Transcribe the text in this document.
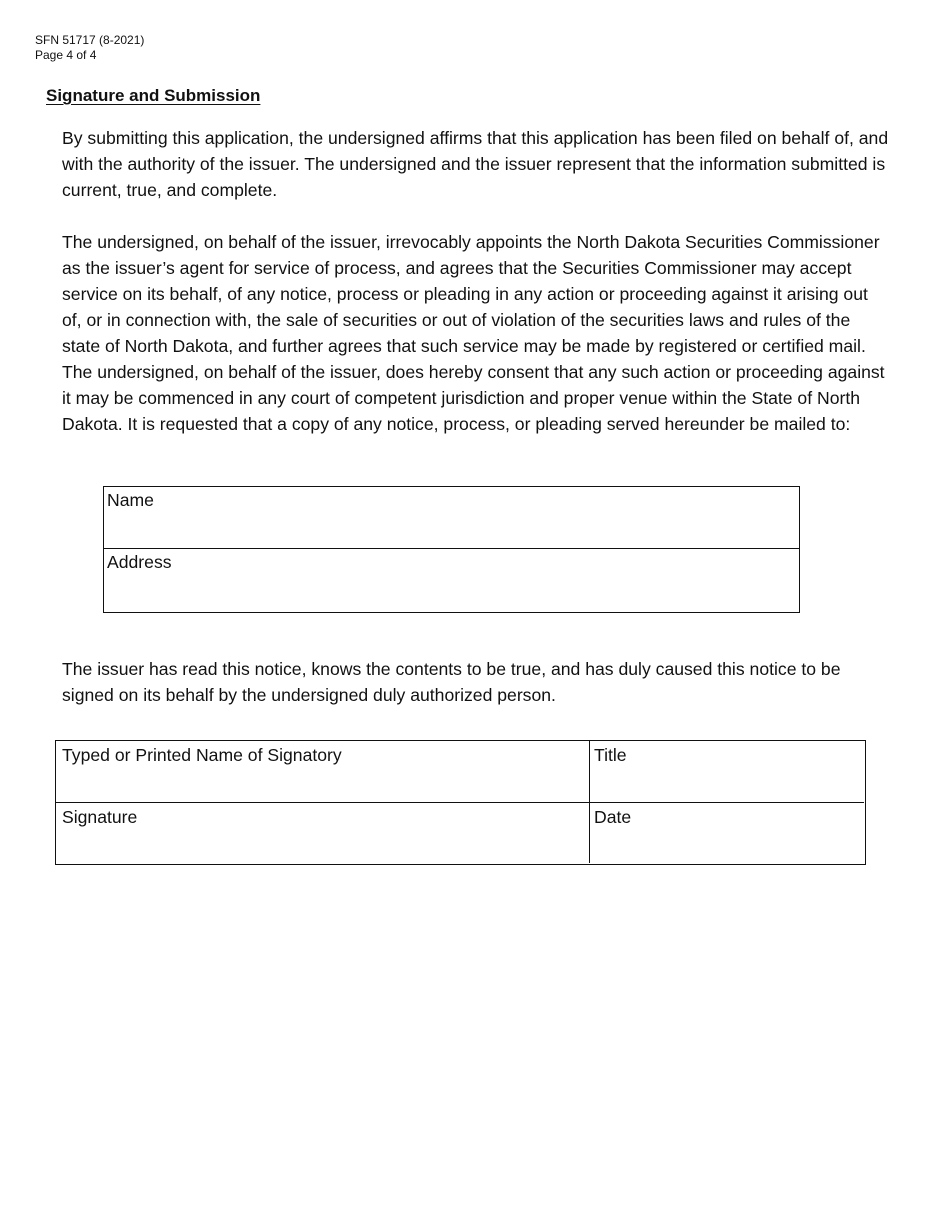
SFN 51717 (8-2021)
Page 4 of 4
Signature and Submission

By submitting this application, the undersigned affirms that this application has been filed on behalf of, and with the authority of the issuer. The undersigned and the issuer represent that the information submitted is current, true, and complete.

The undersigned, on behalf of the issuer, irrevocably appoints the North Dakota Securities Commissioner as the issuer’s agent for service of process, and agrees that the Securities Commissioner may accept service on its behalf, of any notice, process or pleading in any action or proceeding against it arising out of, or in connection with, the sale of securities or out of violation of the securities laws and rules of the state of North Dakota, and further agrees that such service may be made by registered or certified mail. The undersigned, on behalf of the issuer, does hereby consent that any such action or proceeding against it may be commenced in any court of competent jurisdiction and proper venue within the State of North Dakota. It is requested that a copy of any notice, process, or pleading served hereunder be mailed to:

Name
Address

The issuer has read this notice, knows the contents to be true, and has duly caused this notice to be signed on its behalf by the undersigned duly authorized person.

Typed or Printed Name of Signatory	Title
Signature	Date
